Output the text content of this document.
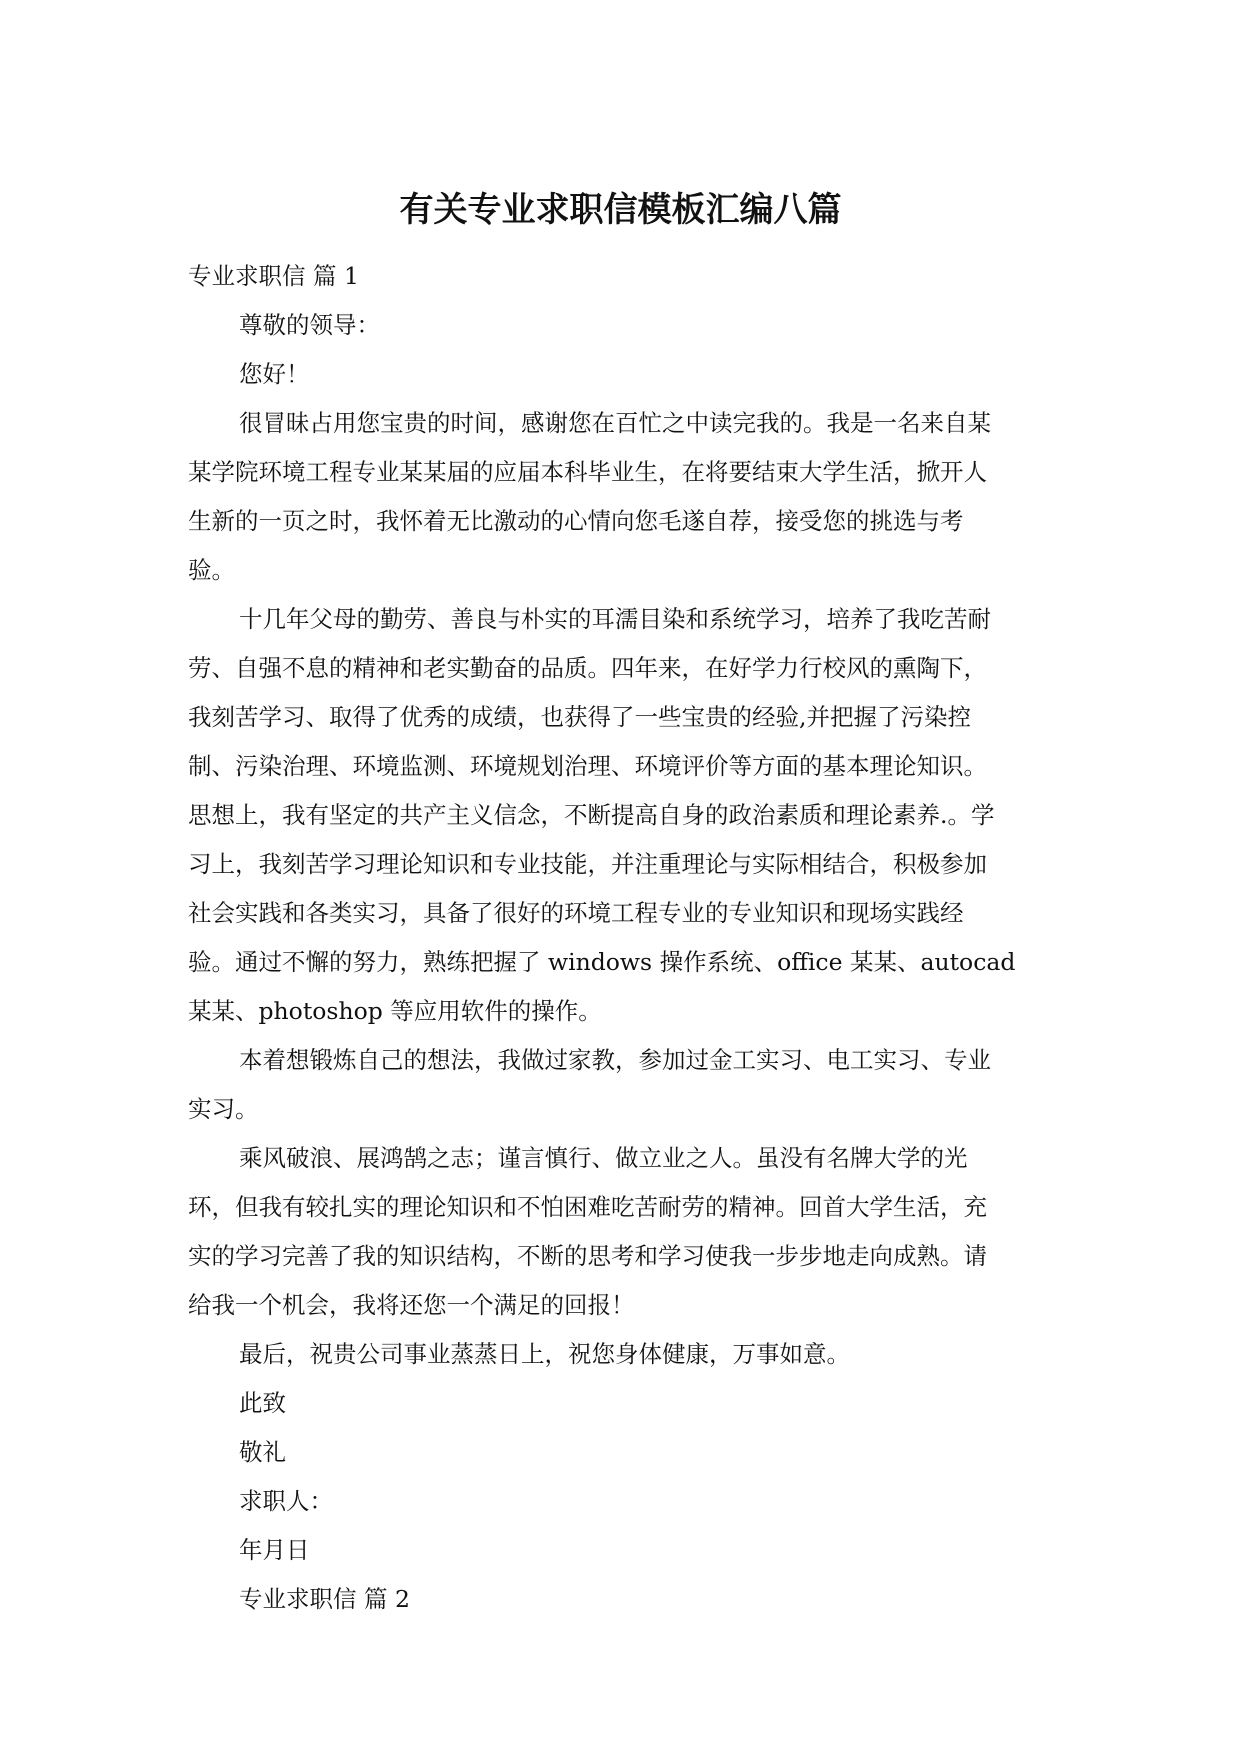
有关专业求职信模板汇编八篇

专业求职信 篇 1

尊敬的领导：

您好！

很冒昧占用您宝贵的时间，感谢您在百忙之中读完我的。我是一名来自某

某学院环境工程专业某某届的应届本科毕业生，在将要结束大学生活，掀开人

生新的一页之时，我怀着无比激动的心情向您毛遂自荐，接受您的挑选与考

验。

十几年父母的勤劳、善良与朴实的耳濡目染和系统学习，培养了我吃苦耐

劳、自强不息的精神和老实勤奋的品质。四年来，在好学力行校风的熏陶下，

我刻苦学习、取得了优秀的成绩，也获得了一些宝贵的经验,并把握了污染控

制、污染治理、环境监测、环境规划治理、环境评价等方面的基本理论知识。

思想上，我有坚定的共产主义信念，不断提高自身的政治素质和理论素养.。学

习上，我刻苦学习理论知识和专业技能，并注重理论与实际相结合，积极参加

社会实践和各类实习，具备了很好的环境工程专业的专业知识和现场实践经

验。通过不懈的努力，熟练把握了 windows 操作系统、office 某某、autocad

某某、photoshop 等应用软件的操作。

本着想锻炼自己的想法，我做过家教，参加过金工实习、电工实习、专业

实习。

乘风破浪、展鸿鹄之志；谨言慎行、做立业之人。虽没有名牌大学的光

环，但我有较扎实的理论知识和不怕困难吃苦耐劳的精神。回首大学生活，充

实的学习完善了我的知识结构，不断的思考和学习使我一步步地走向成熟。请

给我一个机会，我将还您一个满足的回报！

最后，祝贵公司事业蒸蒸日上，祝您身体健康，万事如意。

此致

敬礼

求职人：

年月日

专业求职信 篇 2
